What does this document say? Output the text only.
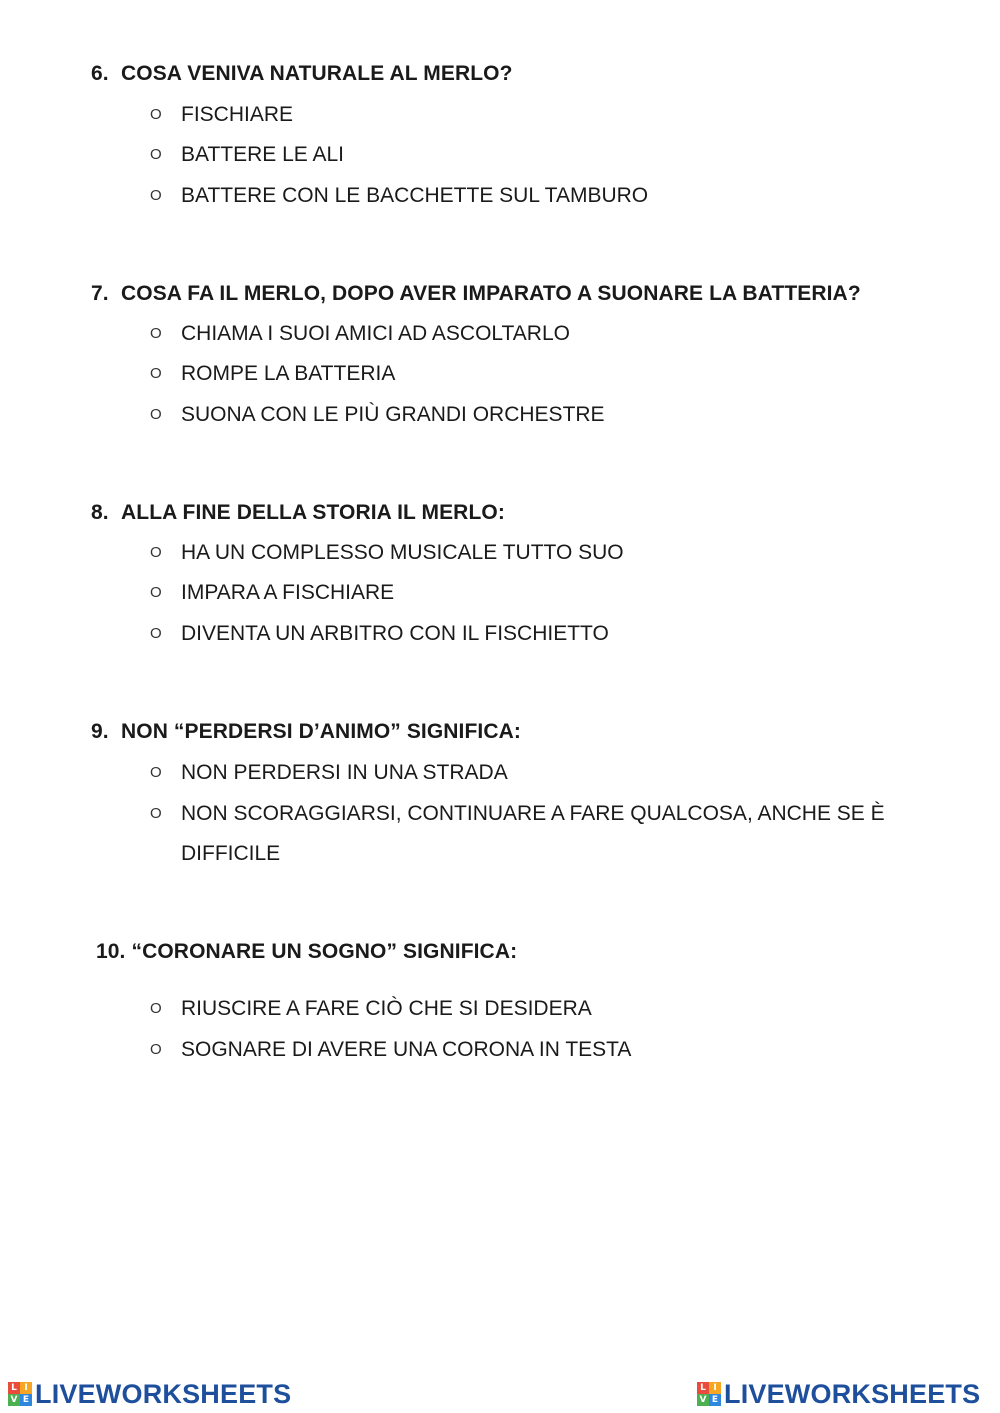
6. COSA VENIVA NATURALE AL MERLO?
O FISCHIARE
O BATTERE LE ALI
O BATTERE CON LE BACCHETTE SUL TAMBURO
7. COSA FA IL MERLO, DOPO AVER IMPARATO A SUONARE LA BATTERIA?
O CHIAMA I SUOI AMICI AD ASCOLTARLO
O ROMPE LA BATTERIA
O SUONA CON LE PIÙ GRANDI ORCHESTRE
8. ALLA FINE DELLA STORIA IL MERLO:
O HA UN COMPLESSO MUSICALE TUTTO SUO
O IMPARA A FISCHIARE
O DIVENTA UN ARBITRO CON IL FISCHIETTO
9. NON “PERDERSI D’ANIMO” SIGNIFICA:
O NON PERDERSI IN UNA STRADA
O NON SCORAGGIARSI, CONTINUARE A FARE QUALCOSA, ANCHE SE È DIFFICILE
10. “CORONARE UN SOGNO” SIGNIFICA:
O RIUSCIRE A FARE CIÒ CHE SI DESIDERA
O SOGNARE DI AVERE UNA CORONA IN TESTA
L I
V E LIVEWORKSHEETS	L I
V E LIVEWORKSHEETS
